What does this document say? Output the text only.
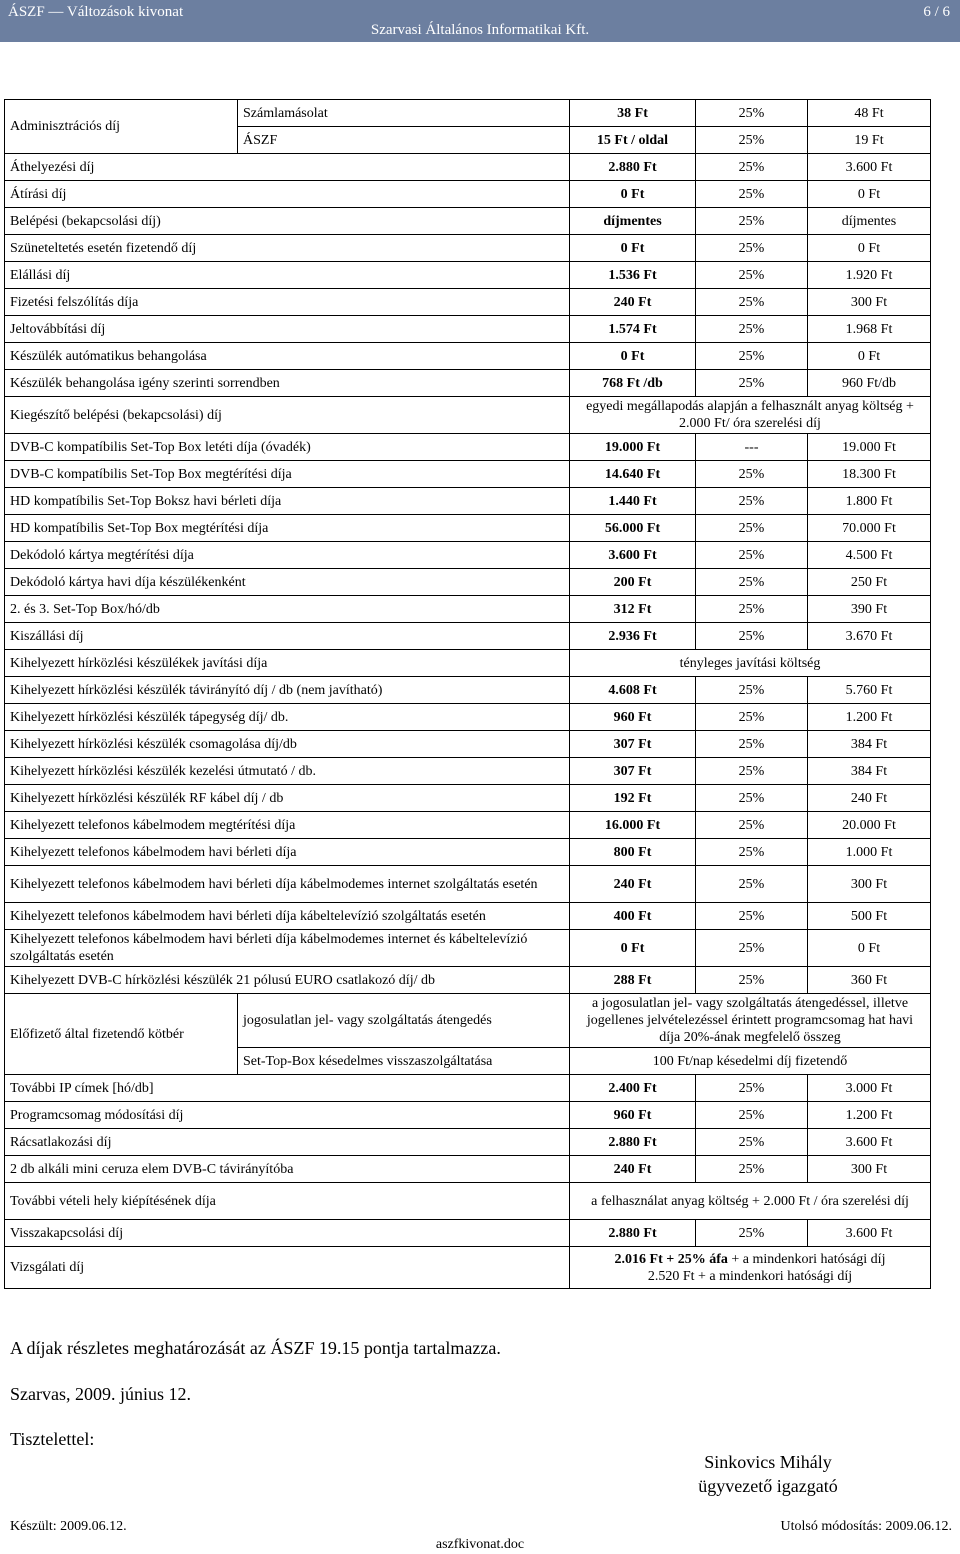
ÁSZF — Változások kivonat	6 / 6
Szarvasi Általános Informatikai Kft.
Adminisztrációs díj	Számlamásolat	38 Ft	25%	48 Ft
	ÁSZF	15 Ft / oldal	25%	19 Ft
Áthelyezési díj		2.880 Ft	25%	3.600 Ft
Átírási díj		0 Ft	25%	0 Ft
Belépési (bekapcsolási díj)		díjmentes	25%	díjmentes
Szüneteltetés esetén fizetendő díj		0 Ft	25%	0 Ft
Elállási díj		1.536 Ft	25%	1.920 Ft
Fizetési felszólítás díja		240 Ft	25%	300 Ft
Jeltovábbítási díj		1.574 Ft	25%	1.968 Ft
Készülék autómatikus behangolása		0 Ft	25%	0 Ft
Készülék behangolása igény szerinti sorrendben		768 Ft /db	25%	960 Ft/db
Kiegészítő belépési (bekapcsolási) díj		egyedi megállapodás alapján a felhasznált anyag költség + 2.000 Ft/ óra szerelési díj		
DVB-C kompatíbilis Set-Top Box letéti díja (óvadék)		19.000 Ft	---	19.000 Ft
DVB-C kompatíbilis Set-Top Box megtérítési díja		14.640 Ft	25%	18.300 Ft
HD kompatíbilis Set-Top Boksz havi bérleti díja		1.440 Ft	25%	1.800 Ft
HD kompatíbilis Set-Top Box megtérítési díja		56.000 Ft	25%	70.000 Ft
Dekódoló kártya megtérítési díja		3.600 Ft	25%	4.500 Ft
Dekódoló kártya havi díja készülékenként		200 Ft	25%	250 Ft
2. és 3. Set-Top Box/hó/db		312 Ft	25%	390 Ft
Kiszállási díj		2.936 Ft	25%	3.670 Ft
Kihelyezett hírközlési készülékek javítási díja		tényleges javítási költség		
Kihelyezett hírközlési készülék távirányító díj / db (nem javítható)		4.608 Ft	25%	5.760 Ft
Kihelyezett hírközlési készülék tápegység díj/ db.		960 Ft	25%	1.200 Ft
Kihelyezett hírközlési készülék csomagolása díj/db		307 Ft	25%	384 Ft
Kihelyezett hírközlési készülék kezelési útmutató / db.		307 Ft	25%	384 Ft
Kihelyezett hírközlési készülék RF kábel díj / db		192 Ft	25%	240 Ft
Kihelyezett telefonos kábelmodem megtérítési díja		16.000 Ft	25%	20.000 Ft
Kihelyezett telefonos kábelmodem havi bérleti díja		800 Ft	25%	1.000 Ft
Kihelyezett telefonos kábelmodem havi bérleti díja kábelmodemes internet szolgáltatás esetén		240 Ft	25%	300 Ft
Kihelyezett telefonos kábelmodem havi bérleti díja kábeltelevízió szolgáltatás esetén		400 Ft	25%	500 Ft
Kihelyezett telefonos kábelmodem havi bérleti díja kábelmodemes internet és kábeltelevízió szolgáltatás esetén		0 Ft	25%	0 Ft
Kihelyezett DVB-C hírközlési készülék 21 pólusú EURO csatlakozó díj/ db		288 Ft	25%	360 Ft
Előfizető által fizetendő kötbér	jogosulatlan jel- vagy szolgáltatás átengedés	a jogosulatlan jel- vagy szolgáltatás átengedéssel, illetve jogellenes jelvételezéssel érintett programcsomag hat havi díja 20%-ának megfelelő összeg		
	Set-Top-Box késedelmes visszaszolgáltatása	100 Ft/nap késedelmi díj fizetendő		
További IP címek [hó/db]		2.400 Ft	25%	3.000 Ft
Programcsomag módosítási díj		960 Ft	25%	1.200 Ft
Rácsatlakozási díj		2.880 Ft	25%	3.600 Ft
2 db alkáli mini ceruza elem DVB-C távirányítóba		240 Ft	25%	300 Ft
További vételi hely kiépítésének díja		a felhasználat anyag költség + 2.000 Ft / óra szerelési díj		
Visszakapcsolási díj		2.880 Ft	25%	3.600 Ft
Vizsgálati díj		2.016 Ft + 25% áfa + a mindenkori hatósági díj
2.520 Ft + a mindenkori hatósági díj		
A díjak részletes meghatározását az ÁSZF 19.15 pontja tartalmazza.
Szarvas, 2009. június 12.
Tisztelettel:
Sinkovics Mihály
ügyvezető igazgató
Készült: 2009.06.12.	Utolsó módosítás: 2009.06.12.
aszfkivonat.doc
